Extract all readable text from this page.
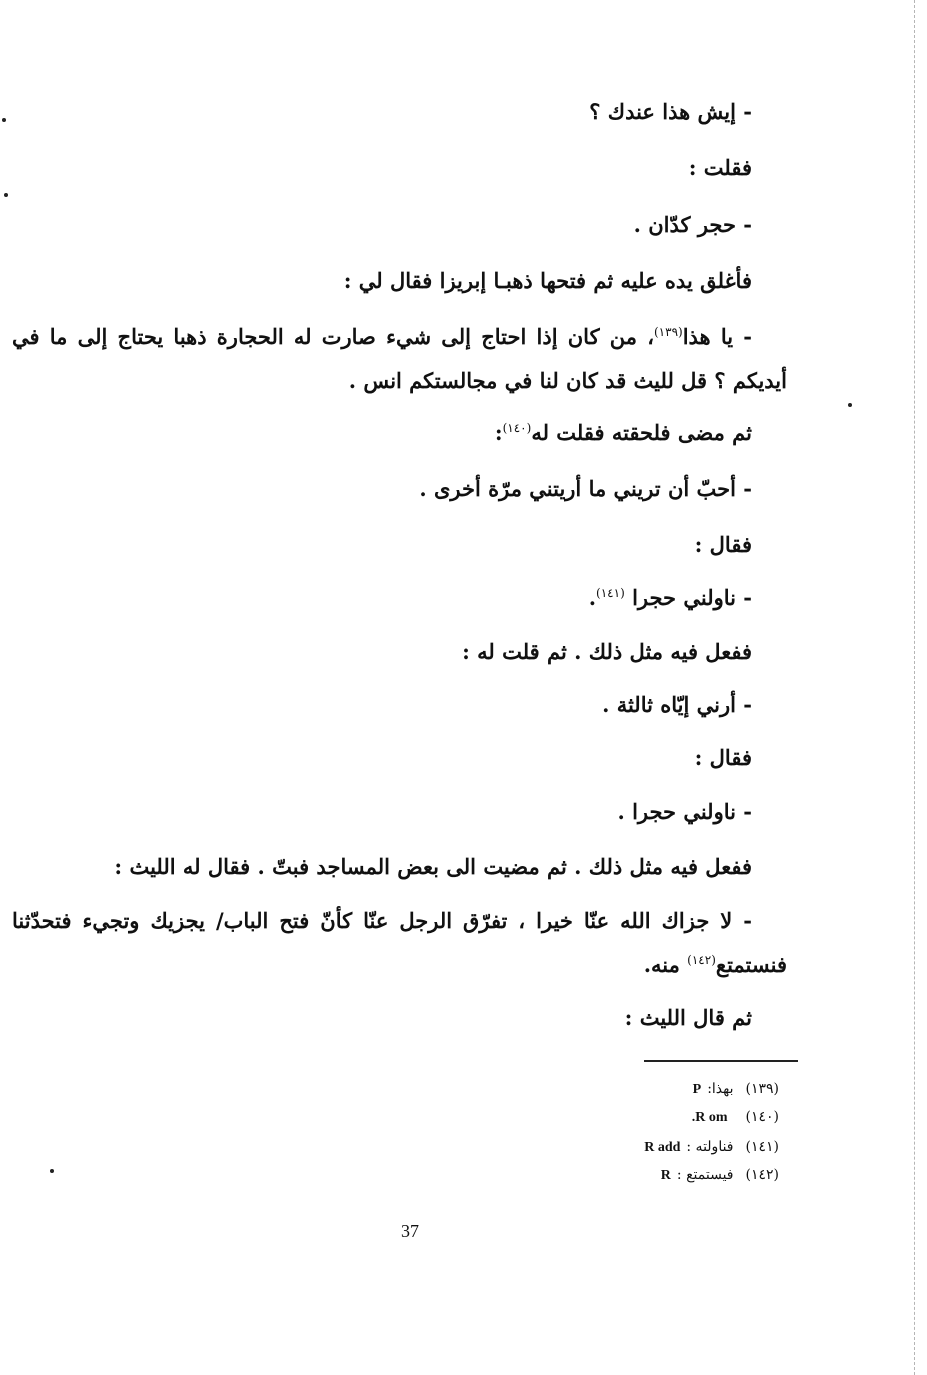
- إيش هذا عندك ؟
فقلت :
- حجر كدّان .
فأغلق يده عليه ثم فتحها ذهبـا إبريزا فقال لي :
- يا هذا$^{(١٣٩)}$، من كان إذا احتاج إلى شيء صارت له الحجارة ذهبا يحتاج إلى ما في
أيديكم ؟ قل لليث قد كان لنا في مجالستكم انس .
ثم مضى فلحقته فقلت له$^{(١٤٠)}$:
- أحبّ أن تريني ما أريتني مرّة أخرى .
فقال :
- ناولني حجرا $^{(١٤١)}$.
ففعل فيه مثل ذلك . ثم قلت له :
- أرني إيّاه ثالثة .
فقال :
- ناولني حجرا .
ففعل فيه مثل ذلك . ثم مضيت الى بعض المساجد فبتّ . فقال له الليث :
- لا جزاك الله عنّا خيرا ، تفرّق الرجل عنّا كأنّ فتح الباب/ يجزيك وتجيء فتحدّثنا
فنستمتع$^{(١٤٢)}$ منه.
ثم قال الليث :
(١٣٩)بهذا:P
(١٤٠)R om.
(١٤١)فناولته :R add
(١٤٢)فيستمتع :R
37
